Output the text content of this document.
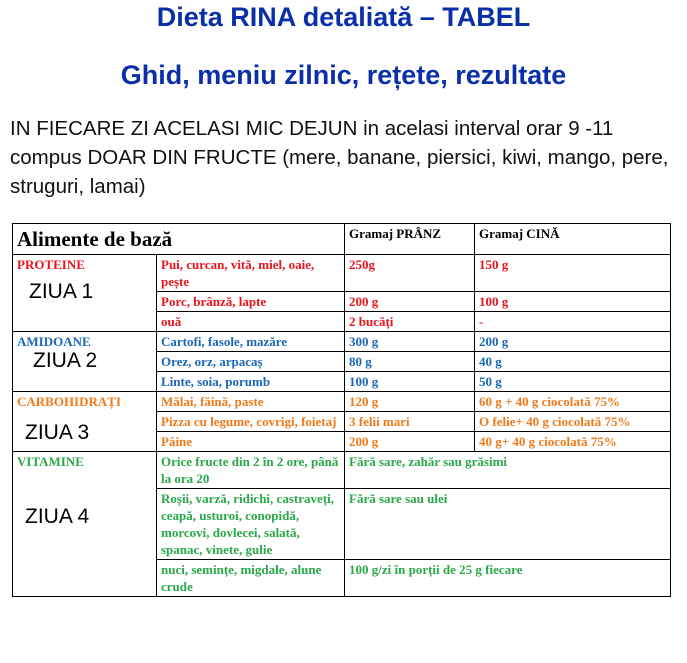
Dieta RINA detaliată – TABEL
Ghid, meniu zilnic, rețete, rezultate
IN FIECARE ZI ACELASI MIC DEJUN in acelasi interval orar 9 -11 compus DOAR DIN FRUCTE (mere, banane, piersici, kiwi, mango, pere, struguri, lamai)
Alimente de bază		Gramaj PRÂNZ	Gramaj CINĂ
PROTEINE
ZIUA 1	Pui, curcan, vită, miel, oaie, pește	250g	150 g
	Porc, brânză, lapte	200 g	100 g
	ouă	2 bucăți	-
AMIDOANE
ZIUA 2	Cartofi, fasole, mazăre	300 g	200 g
	Orez, orz, arpacaș	80 g	40 g
	Linte, soia, porumb	100 g	50 g
CARBOHIDRAȚI
ZIUA 3	Mălai, făină, paste	120 g	60 g + 40 g ciocolată 75%
	Pizza cu legume, covrigi, foietaj	3 felii mari	O felie+ 40 g ciocolată 75%
	Pâine	200 g	40 g+ 40 g ciocolată 75%
VITAMINE
ZIUA 4	Orice fructe din 2 în 2 ore, până la ora 20	Fără sare, zahăr sau grăsimi	
	Roșii, varză, ridichi, castraveți, ceapă, usturoi, conopidă, morcovi, dovlecei, salată, spanac, vinete, gulie	Fără sare sau ulei	
	nuci, semințe, migdale, alune crude	100 g/zi în porții de 25 g fiecare	
